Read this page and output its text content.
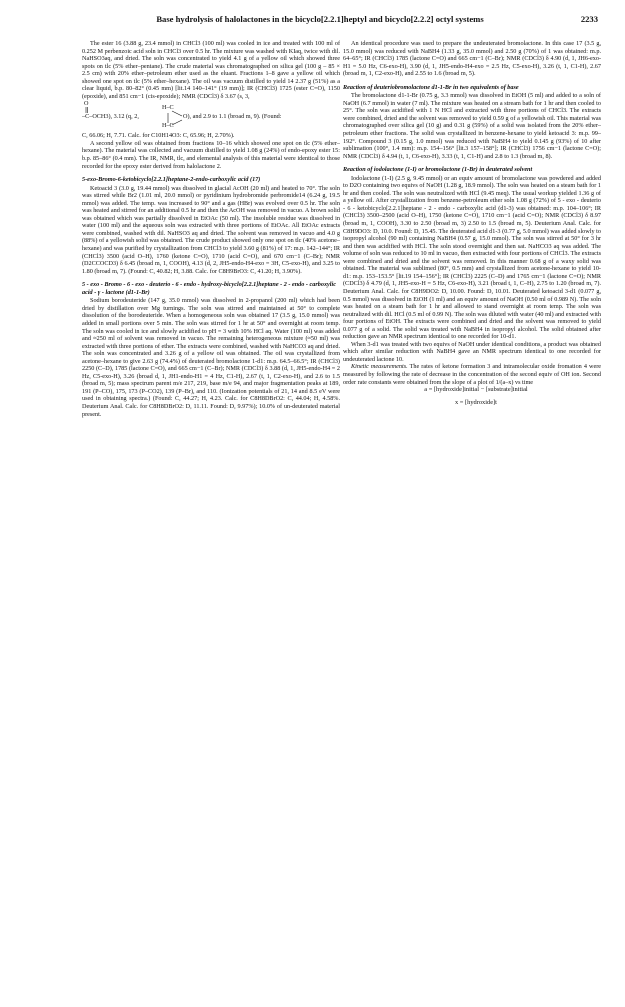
Base hydrolysis of halolactones in the bicyclo[2.2.1]heptyl and bicyclo[2.2.2] octyl systems	2233

The ester 16 (3.88 g, 23.4 mmol) in CHCl3 (100 ml) was cooled in ice and treated with 100 ml of 0.252 M perbenzoic acid soln in CHCl3 over 0.5 hr. The mixture was washed with KIaq, twice with dil. NaHSO3aq, and dried. The soln was concentrated to yield 4.1 g of a yellow oil which showed three spots on tlc (5% ether–pentane). The crude material was chromatographed on silica gel (100 g – 85 × 2.5 cm) with 20% ether–petroleum ether used as the eluant. Fractions 1–8 gave a yellow oil which showed one spot on tlc (5% ether–hexane). The oil was vacuum distilled to yield 14 2.37 g (51%) as a clear liquid, b.p. 80–82° (0.45 mm) [lit.14 140–141° (19 mm)]; IR (CHCl3) 1725 (ester C=O), 1150 (epoxide), and 851 cm−1 (cis-epoxide); NMR (CDCl3) δ 3.67 (s, 3,

O
H–C
–C–OCH3), 3.12 (q, 2,	O), and 2.9 to 1.1 (broad m, 9). (Found:
H–C

C, 66.06; H, 7.71. Calc. for C10H14O3: C, 65.96; H, 2.70%).

A second yellow oil was obtained from fractions 10–16 which showed one spot on tlc (5% ether–hexane). The material was collected and vacuum distilled to yield 1.08 g (24%) of endo-epoxy ester 15: b.p. 85–86° (0.4 mm). The IR, NMR, tlc, and elemental analysis of this material were identical to those recorded for the epoxy ester derived from halolactone 2.

5-exo-Bromo-6-ketobicyclo[2.2.1]heptane-2-endo-carboxylic acid (17)

Ketoacid 3 (3.0 g, 19.44 mmol) was dissolved in glacial AcOH (20 ml) and heated to 70°. The soln was stirred while Br2 (1.01 ml, 20.0 mmol) or pyridinium hydrobromide perbromide14 (6.24 g, 19.5 mmol) was added. The temp. was increased to 90° and a gas (HBr) was evolved over 0.5 hr. The soln was heated and stirred for an additional 0.5 hr and then the AcOH was removed in vacuo. A brown solid was obtained which was partially dissolved in EtOAc (50 ml). The insoluble residue was dissolved in water (100 ml) and the aqueous soln was extracted with three portions of EtOAc. All EtOAc extracts were combined, washed with dil. NaHSO3 aq and dried. The solvent was removed in vacuo and 4.0 g (88%) of a yellowish solid was obtained. The crude product showed only one spot on tlc (40% acetone–hexane) and was purified by crystallization from CHCl3 to yield 3.60 g (81%) of 17: m.p. 142–144°; IR (CHCl3) 3500 (acid O–H), 1760 (ketone C=O), 1710 (acid C=O), and 670 cm−1 (C–Br); NMR (D2CCOCD3) δ 6.45 (broad m, 1, COOH), 4.13 (d, 2, JH5-endo-H4-exo = 3H, C5-exo-H), and 3.25 to 1.80 (broad m, 7). (Found: C, 40.82; H, 3.88. Calc. for C8H9BrO3: C, 41.20; H, 3.90%).

5 - exo - Bromo - 6 - exo - deuterio - 6 - endo - hydroxy-bicyclo[2.2.1]heptane - 2 - endo - carboxylic acid - γ - lactone (d1-1-Br)

Sodium borodeuteride (147 g, 35.0 mmol) was dissolved in 2-propanol (200 ml) which had been dried by distillation over Mg turnings. The soln was stirred and maintained at 50° to complete dissolution of the borodeuteride. When a homogeneous soln was obtained 17 (3.5 g, 15.0 mmol) was added in small portions over 5 min. The soln was stirred for 1 hr at 50° and overnight at room temp. The soln was cooled in ice and slowly acidified to pH = 3 with 10% HCl aq. Water (100 ml) was added and ≈250 ml of solvent was removed in vacuo. The remaining heterogeneous mixture (≈50 ml) was extracted with three portions of ether. The extracts were combined, washed with NaHCO3 aq and dried. The soln was concentrated and 3.26 g of a yellow oil was obtained. The oil was crystallized from acetone–hexane to give 2.63 g (74.4%) of deuterated bromolactone 1-d1: m.p. 64.5–66.5°; IR (CHCl3) 2250 (C–D), 1785 (lactone C=O), and 665 cm−1 (C–Br); NMR (CDCl3) δ 3.88 (d, 1, JH5-endo-H4 = 2 Hz, C5-exo-H), 3.26 (broad d, 1, JH1-endo-H1 = 4 Hz, C1-H), 2.67 (t, 1, C2-exo-H), and 2.6 to 1.5 (broad m, 5); mass spectrum parent m/e 217, 219, base m/e 94, and major fragmentation peaks at 189, 191 (P–CO), 175, 173 (P–CO2), 139 (P–Br), and 110. (Ionization potentials of 21, 14 and 8.5 eV were used in obtaining spectra.) (Found: C, 44.27; H, 4.23. Calc. for C8H8DBrO2: C, 44.04; H, 4.58%. Deuterium Anal. Calc. for C8H8DBrO2: D, 11.11. Found: D, 9.97%); 10.0% of un-deuterated material present.

An identical procedure was used to prepare the undeuterated bromolactone. In this case 17 (3.5 g, 15.0 mmol) was reduced with NaBH4 (1.33 g, 35.0 mmol) and 2.50 g (70%) of 1 was obtained: m.p. 64–65°; IR (CHCl3) 1785 (lactone C=O) and 665 cm−1 (C–Br); NMR (CDCl3) δ 4.90 (d, 1, JH6-exo-H1 = 5.0 Hz, C6-exo-H), 3.90 (d, 1, JH5-endo-H4-exo = 2.5 Hz, C5-exo-H), 3.26 (t, 1, C1-H), 2.67 (broad m, 1, C2-exo-H), and 2.55 to 1.6 (broad m, 5).

Reaction of deuteriobromolactone d1-1-Br in two equivalents of base

The bromolactone d1-1-Br (0.75 g, 3.3 mmol) was dissolved in EtOH (5 ml) and added to a soln of NaOH (6.7 mmol) in water (7 ml). The mixture was heated on a stream bath for 1 hr and then cooled to 25°. The soln was acidified with 1 N HCl and extracted with three portions of CHCl3. The extracts were combined, dried and the solvent was removed to yield 0.59 g of a yellowish oil. This material was chromatographed over silica gel (10 g) and 0.31 g (59%) of a solid was isolated from the 20% ether–petroleum ether fractions. The solid was crystallized in benzene-hexane to yield ketoacid 3: m.p. 99–192°. Compound 3 (0.15 g, 1.0 mmol) was reduced with NaBH4 to yield 0.145 g (93%) of 10 after sublimation (100°, 1.4 mm): m.p. 154–156° [lit.3 157–158°]; IR (CHCl3) 1756 cm−1 (lactone C=O); NMR (CDCl3) δ 4.94 (t, 1, C6-exo-H), 3.33 (t, 1, C1-H) and 2.8 to 1.3 (broad m, 8).

Reaction of iodolactone (1-I) or bromolactone (1-Br) in deuterated solvent

Iodolactone (1-I) (2.5 g, 9.45 mmol) or an equiv amount of bromolactone was powdered and added to D2O containing two equivs of NaOH (1.28 g, 18.9 mmol). The soln was heated on a steam bath for 1 hr and then cooled. The soln was neutralized with HCl (9.45 meq). The usual workup yielded 1.36 g of a yellow oil. After crystallization from benzene-petroleum ether soln 1.08 g (72%) of 5 - exo - deuterio - 6 - ketobicyclo[2.2.1]heptane - 2 - endo - carboxylic acid (d1-3) was obtained: m.p. 104–106°; IR (CHCl3) 3500–2500 (acid O–H), 1750 (ketone C=O), 1710 cm−1 (acid C=O); NMR (CDCl3) δ 8.97 (broad m, 1, COOH), 3.30 to 2.50 (broad m, 3) 2.50 to 1.5 (broad m, 5). Deuterium Anal. Calc. for C8H9DO3: D, 10.0. Found: D, 15.45. The deuterated acid d1-3 (0.77 g, 5.0 mmol) was added slowly to isopropyl alcohol (90 ml) containing NaBH4 (0.57 g, 15.0 mmol). The soln was stirred at 50° for 3 hr and then was acidified with HCl. The soln stood overnight and then sat. NaHCO3 aq was added. The volume of soln was reduced to 10 ml in vacuo, then extracted with four portions of CHCl3. The extracts were combined and dried and the solvent was removed. In this manner 0.68 g of a waxy solid was obtained. The material was sublimed (80°, 0.5 mm) and crystallized from acetone-hexane to yield 10-d1: m.p. 153–153.5° [lit.19 154–156°]; IR (CHCl3) 2225 (C–D) and 1765 cm−1 (lactone C=O); NMR (CDCl3) δ 4.79 (d, 1, JH5-exo-H = 5 Hz, C6-exo-H), 3.21 (broad t, 1, C–H), 2.75 to 1.20 (broad m, 7). Deuterium Anal. Calc. for C8H9DO2: D, 10.00. Found: D, 10.01. Deuterated ketoacid 3-d1 (0.077 g, 0.5 mmol) was dissolved in EtOH (1 ml) and an equiv amount of NaOH (0.50 ml of 0.989 N). The soln was heated on a steam bath for 1 hr and allowed to stand overnight at room temp. The soln was neutralized with dil. HCl (0.5 ml of 0.99 N). The soln was diluted with water (40 ml) and extracted with four portions of EtOH. The extracts were combined and dried and the solvent was removed to yield 0.077 g of a solid. The solid was treated with NaBH4 in isopropyl alcohol. The solid obtained after reduction gave an NMR spectrum identical to one recorded for 10-d1.

When 3-d1 was treated with two equivs of NaOH under identical conditions, a product was obtained which after similar reduction with NaBH4 gave an NMR spectrum identical to one recorded for undeuterated lactone 10.

Kinetic measurements. The rates of ketone formation 3 and intramolecular oxide fromation 4 were measured by following the rate of decrease in the concentration of the second equiv of OH ion. Second order rate constants were obtained from the slope of a plot of 1/(a–x) vs time

a = [hydroxide]initial − [substrate]initial

x = [hydroxide]t
